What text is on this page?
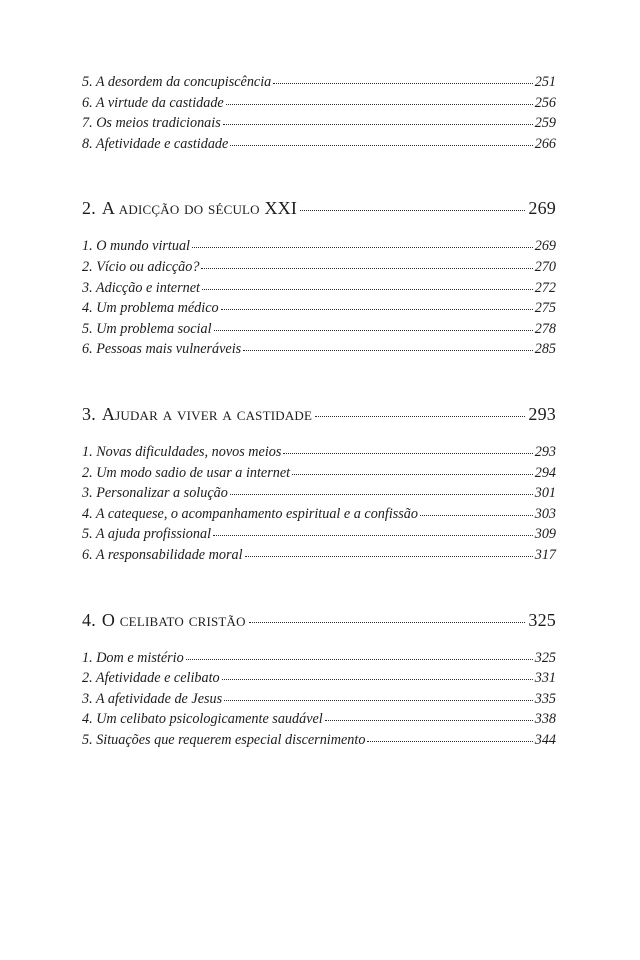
5. A desordem da concupiscência	251
6. A virtude da castidade	256
7. Os meios tradicionais	259
8. Afetividade e castidade	266
2. A adicção do século XXI	269
1. O mundo virtual	269
2. Vício ou adicção?	270
3. Adicção e internet	272
4. Um problema médico	275
5. Um problema social	278
6. Pessoas mais vulneráveis	285
3. Ajudar a viver a castidade	293
1. Novas dificuldades, novos meios	293
2. Um modo sadio de usar a internet	294
3. Personalizar a solução	301
4. A catequese, o acompanhamento espiritual e a confissão	303
5. A ajuda profissional	309
6. A responsabilidade moral	317
4. O celibato cristão	325
1. Dom e mistério	325
2. Afetividade e celibato	331
3. A afetividade de Jesus	335
4. Um celibato psicologicamente saudável	338
5. Situações que requerem especial discernimento	344
